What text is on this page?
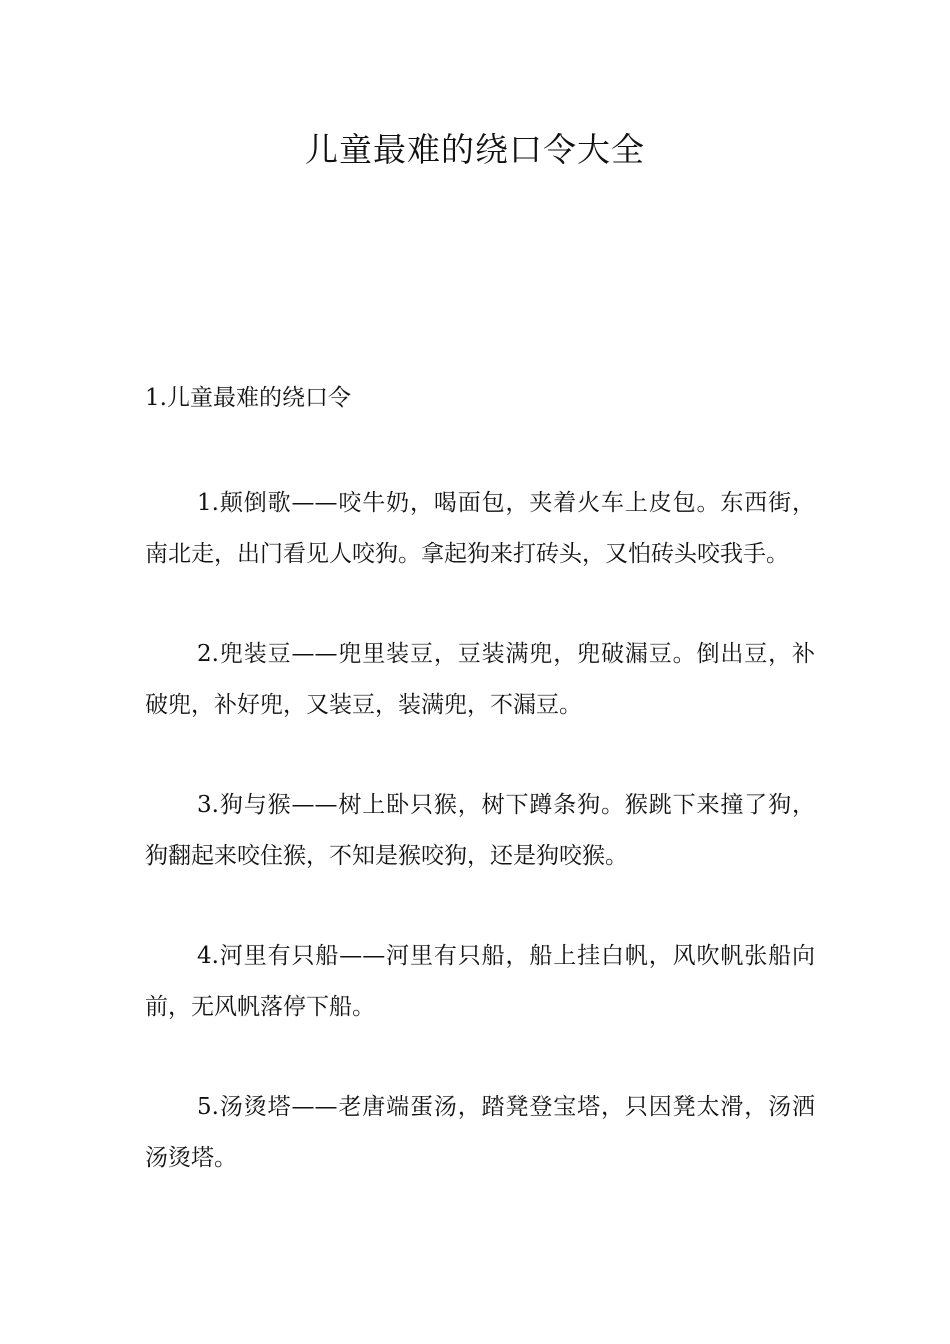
儿童最难的绕口令大全
1.儿童最难的绕口令

1.颠倒歌——咬牛奶，喝面包，夹着火车上皮包。东西街，南北走，出门看见人咬狗。拿起狗来打砖头，又怕砖头咬我手。

2.兜装豆——兜里装豆，豆装满兜，兜破漏豆。倒出豆，补破兜，补好兜，又装豆，装满兜，不漏豆。

3.狗与猴——树上卧只猴，树下蹲条狗。猴跳下来撞了狗，狗翻起来咬住猴，不知是猴咬狗，还是狗咬猴。

4.河里有只船——河里有只船，船上挂白帆，风吹帆张船向前，无风帆落停下船。

5.汤烫塔——老唐端蛋汤，踏凳登宝塔，只因凳太滑，汤洒汤烫塔。
